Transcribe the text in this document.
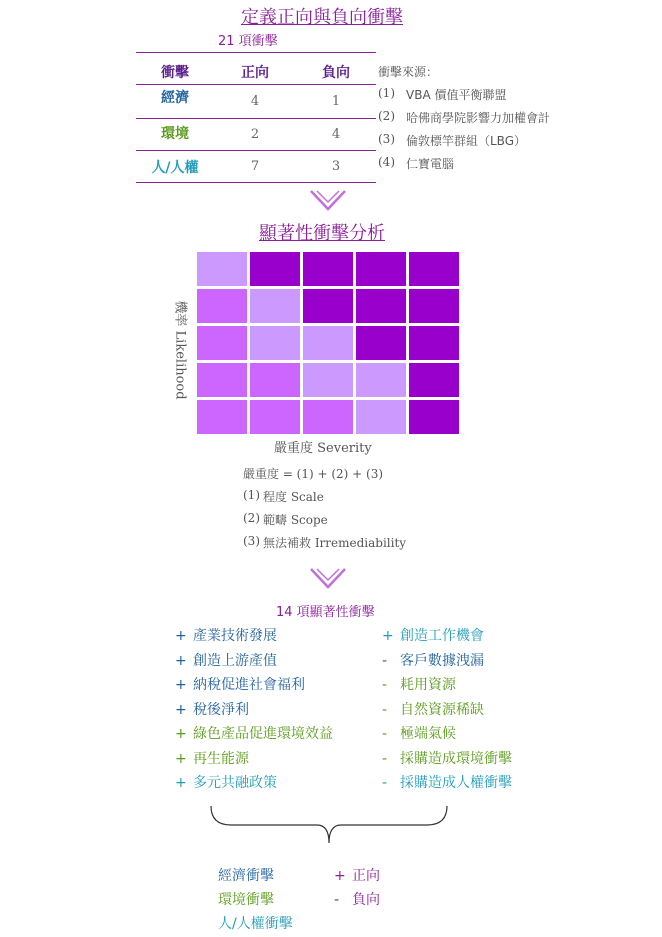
定義正向與負向衝擊
21 項衝擊
衝擊	正向	負向
經濟	4	1
環境	2	4
人/人權	7	3
衝擊來源：
(1) VBA 價值平衡聯盟
(2) 哈佛商學院影響力加權會計
(3) 倫敦標竿群組（LBG）
(4) 仁寶電腦
顯著性衝擊分析
機率 Likelihood
嚴重度 Severity
嚴重度 = (1) + (2) + (3)
(1) 程度 Scale
(2) 範疇 Scope
(3) 無法補救 Irremediability
14 項顯著性衝擊
+ 產業技術發展
+ 創造上游產值
+ 納稅促進社會福利
+ 稅後淨利
+ 綠色產品促進環境效益
+ 再生能源
+ 多元共融政策
+ 創造工作機會
- 客戶數據洩漏
- 耗用資源
- 自然資源稀缺
- 極端氣候
- 採購造成環境衝擊
- 採購造成人權衝擊
經濟衝擊
環境衝擊
人/人權衝擊
+ 正向
- 負向
